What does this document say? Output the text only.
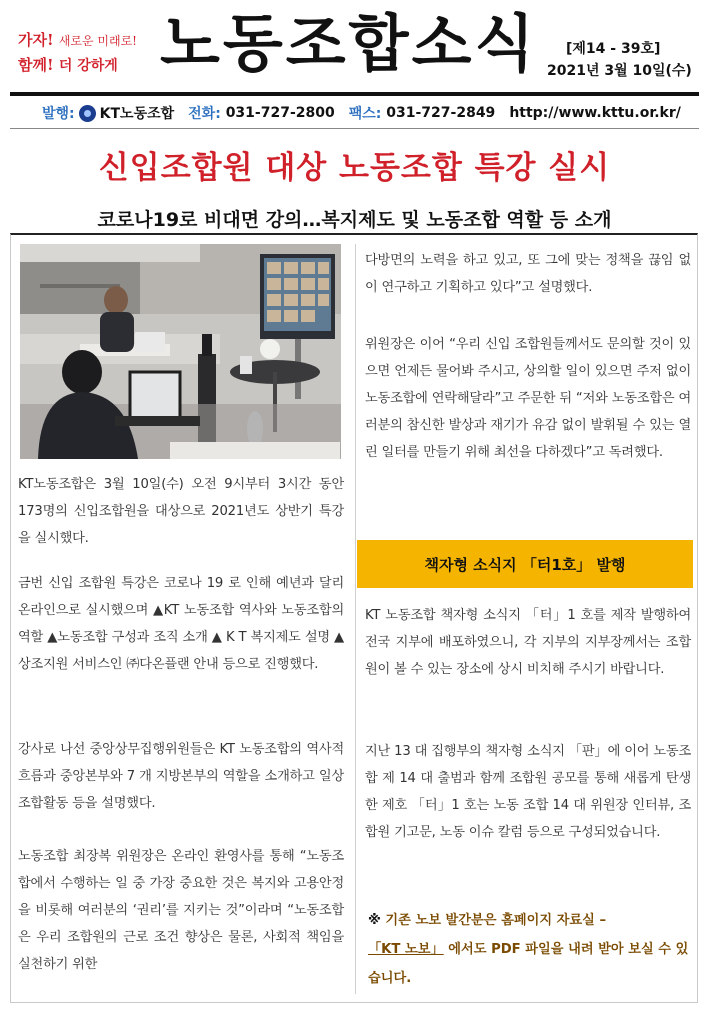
가자! 새로운 미래로!
함께! 더 강하게 노동조합소식 [제14 - 39호]
2021년 3월 10일(수)
발행: KT노동조합 전화:
031-727-2800 팩스:
031-727-2849 http://www.kttu.or.kr/
신입조합원 대상 노동조합 특강 실시
코로나19로 비대면 강의…복지제도 및 노동조합 역할 등 소개
KT노동조합은 3월 10일(수) 오전 9시부터 3시간 동안 173명의 신입조합원을 대상으로 2021년도 상반기 특강을 실시했다.
금번 신입 조합원 특강은 코로나 19 로 인해 예년과 달리 온라인으로 실시했으며 ▲KT 노동조합 역사와 노동조합의 역할 ▲노동조합 구성과 조직 소개 ▲ K T 복지제도 설명 ▲상조지원 서비스인 ㈜다온플랜 안내 등으로 진행했다.
강사로 나선 중앙상무집행위원들은 KT 노동조합의 역사적 흐름과 중앙본부와 7 개 지방본부의 역할을 소개하고 일상 조합활동 등을 설명했다.
노동조합 최장복 위원장은 온라인 환영사를 통해 “노동조합에서 수행하는 일 중 가장 중요한 것은 복지와 고용안정을 비롯해 여러분의 ‘권리’를 지키는 것”이라며 “노동조합은 우리 조합원의 근로 조건 향상은 물론, 사회적 책임을 실천하기 위한
다방면의 노력을 하고 있고, 또 그에 맞는 정책을 끊임 없이 연구하고 기획하고 있다”고 설명했다.
위원장은 이어 “우리 신입 조합원들께서도 문의할 것이 있으면 언제든 물어봐 주시고, 상의할 일이 있으면 주저 없이 노동조합에 연락해달라”고 주문한 뒤 “저와 노동조합은 여러분의 참신한 발상과 재기가 유감 없이 발휘될 수 있는 열린 일터를 만들기 위해 최선을 다하겠다”고 독려했다.
책자형 소식지 「터1호」 발행
KT 노동조합 책자형 소식지 「터」1 호를 제작 발행하여 전국 지부에 배포하였으니, 각 지부의 지부장께서는 조합원이 볼 수 있는 장소에 상시 비치해 주시기 바랍니다.
지난 13 대 집행부의 책자형 소식지 「판」에 이어 노동조합 제 14 대 출범과 함께 조합원 공모를 통해 새롭게 탄생한 제호 「터」1 호는 노동 조합 14 대 위원장 인터뷰, 조합원 기고문, 노동 이슈 칼럼 등으로 구성되었습니다.
※ 기존 노보 발간분은 홈페이지 자료실 –
「KT 노보」 에서도 PDF 파일을 내려 받아 보실 수 있습니다.
